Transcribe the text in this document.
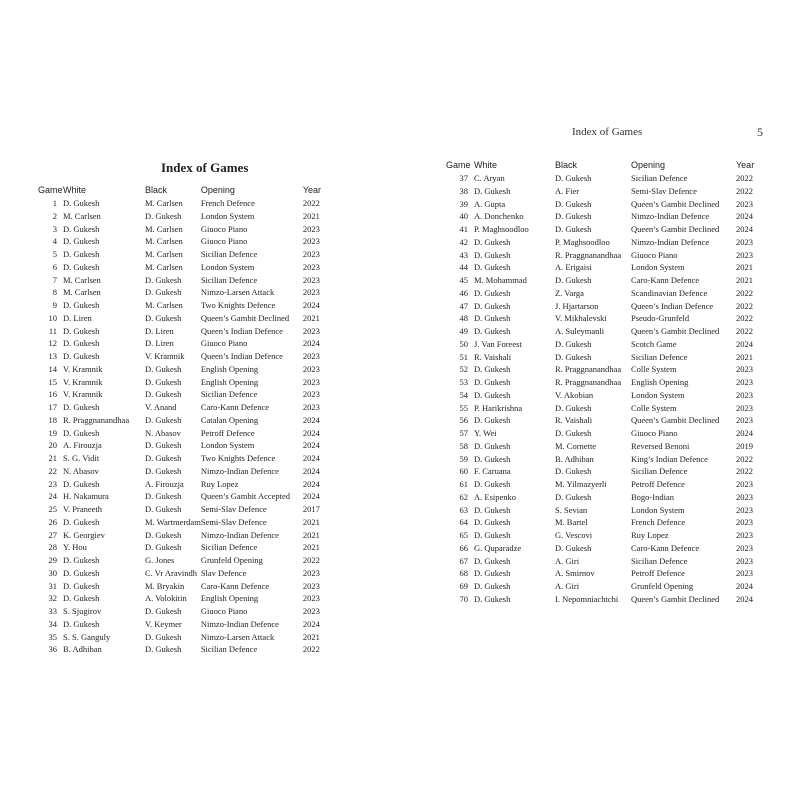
Index of Games	5
Index of Games
Game	White	Black	Opening	Year
1	D. Gukesh	M. Carlsen	French Defence	2022
2	M. Carlsen	D. Gukesh	London System	2021
3	D. Gukesh	M. Carlsen	Giuoco Piano	2023
4	D. Gukesh	M. Carlsen	Giuoco Piano	2023
5	D. Gukesh	M. Carlsen	Sicilian Defence	2023
6	D. Gukesh	M. Carlsen	London System	2023
7	M. Carlsen	D. Gukesh	Sicilian Defence	2023
8	M. Carlsen	D. Gukesh	Nimzo-Larsen Attack	2023
9	D. Gukesh	M. Carlsen	Two Knights Defence	2024
10	D. Liren	D. Gukesh	Queen’s Gambit Declined	2021
11	D. Gukesh	D. Liren	Queen’s Indian Defence	2023
12	D. Gukesh	D. Liren	Giuoco Piano	2024
13	D. Gukesh	V. Kramnik	Queen’s Indian Defence	2023
14	V. Kramnik	D. Gukesh	English Opening	2023
15	V. Kramnik	D. Gukesh	English Opening	2023
16	V. Kramnik	D. Gukesh	Sicilian Defence	2023
17	D. Gukesh	V. Anand	Caro-Kann Defence	2023
18	R. Praggnanandhaa	D. Gukesh	Catalan Opening	2024
19	D. Gukesh	N. Abasov	Petroff Defence	2024
20	A. Firouzja	D. Gukesh	London System	2024
21	S. G. Vidit	D. Gukesh	Two Knights Defence	2024
22	N. Abasov	D. Gukesh	Nimzo-Indian Defence	2024
23	D. Gukesh	A. Firouzja	Ruy Lopez	2024
24	H. Nakamura	D. Gukesh	Queen’s Gambit Accepted	2024
25	V. Praneeth	D. Gukesh	Semi-Slav Defence	2017
26	D. Gukesh	M. Wartmerdam	Semi-Slav Defence	2021
27	K. Georgiev	D. Gukesh	Nimzo-Indian Defence	2021
28	Y. Hou	D. Gukesh	Sicilian Defence	2021
29	D. Gukesh	G. Jones	Grunfeld Opening	2022
30	D. Gukesh	C. Vr Aravindh	Slav Defence	2023
31	D. Gukesh	M. Bryakin	Caro-Kann Defence	2023
32	D. Gukesh	A. Volokitin	English Opening	2023
33	S. Sjugirov	D. Gukesh	Giuoco Piano	2023
34	D. Gukesh	V. Keymer	Nimzo-Indian Defence	2024
35	S. S. Ganguly	D. Gukesh	Nimzo-Larsen Attack	2021
36	B. Adhiban	D. Gukesh	Sicilian Defence	2022
Game	White	Black	Opening	Year
37	C. Aryan	D. Gukesh	Sicilian Defence	2022
38	D. Gukesh	A. Fier	Semi-Slav Defence	2022
39	A. Gupta	D. Gukesh	Queen’s Gambit Declined	2023
40	A. Donchenko	D. Gukesh	Nimzo-Indian Defence	2024
41	P. Maghsoodloo	D. Gukesh	Queen’s Gambit Declined	2024
42	D. Gukesh	P. Maghsoodloo	Nimzo-Indian Defence	2023
43	D. Gukesh	R. Praggnanandhaa	Giuoco Piano	2023
44	D. Gukesh	A. Erigaisi	London System	2021
45	M. Mohammad	D. Gukesh	Caro-Kann Defence	2021
46	D. Gukesh	Z. Varga	Scandinavian Defence	2022
47	D. Gukesh	J. Hjartarson	Queen’s Indian Defence	2022
48	D. Gukesh	V. Mikhalevski	Pseudo-Grunfeld	2022
49	D. Gukesh	A. Suleymanli	Queen’s Gambit Declined	2022
50	J. Van Foreest	D. Gukesh	Scotch Game	2024
51	R. Vaishali	D. Gukesh	Sicilian Defence	2021
52	D. Gukesh	R. Praggnanandhaa	Colle System	2023
53	D. Gukesh	R. Praggnanandhaa	English Opening	2023
54	D. Gukesh	V. Akobian	London System	2023
55	P. Harikrishna	D. Gukesh	Colle System	2023
56	D. Gukesh	R. Vaishali	Queen’s Gambit Declined	2023
57	Y. Wei	D. Gukesh	Giuoco Piano	2024
58	D. Gukesh	M. Cornette	Reversed Benoni	2019
59	D. Gukesh	B. Adhiban	King’s Indian Defence	2022
60	F. Caruana	D. Gukesh	Sicilian Defence	2022
61	D. Gukesh	M. Yilmazyerli	Petroff Defence	2023
62	A. Esipenko	D. Gukesh	Bogo-Indian	2023
63	D. Gukesh	S. Sevian	London System	2023
64	D. Gukesh	M. Bartel	French Defence	2023
65	D. Gukesh	G. Vescovi	Ruy Lopez	2023
66	G. Quparadze	D. Gukesh	Caro-Kann Defence	2023
67	D. Gukesh	A. Giri	Sicilian Defence	2023
68	D. Gukesh	A. Smirnov	Petroff Defence	2023
69	D. Gukesh	A. Giri	Grunfeld Opening	2024
70	D. Gukesh	I. Nepomniachtchi	Queen’s Gambit Declined	2024
